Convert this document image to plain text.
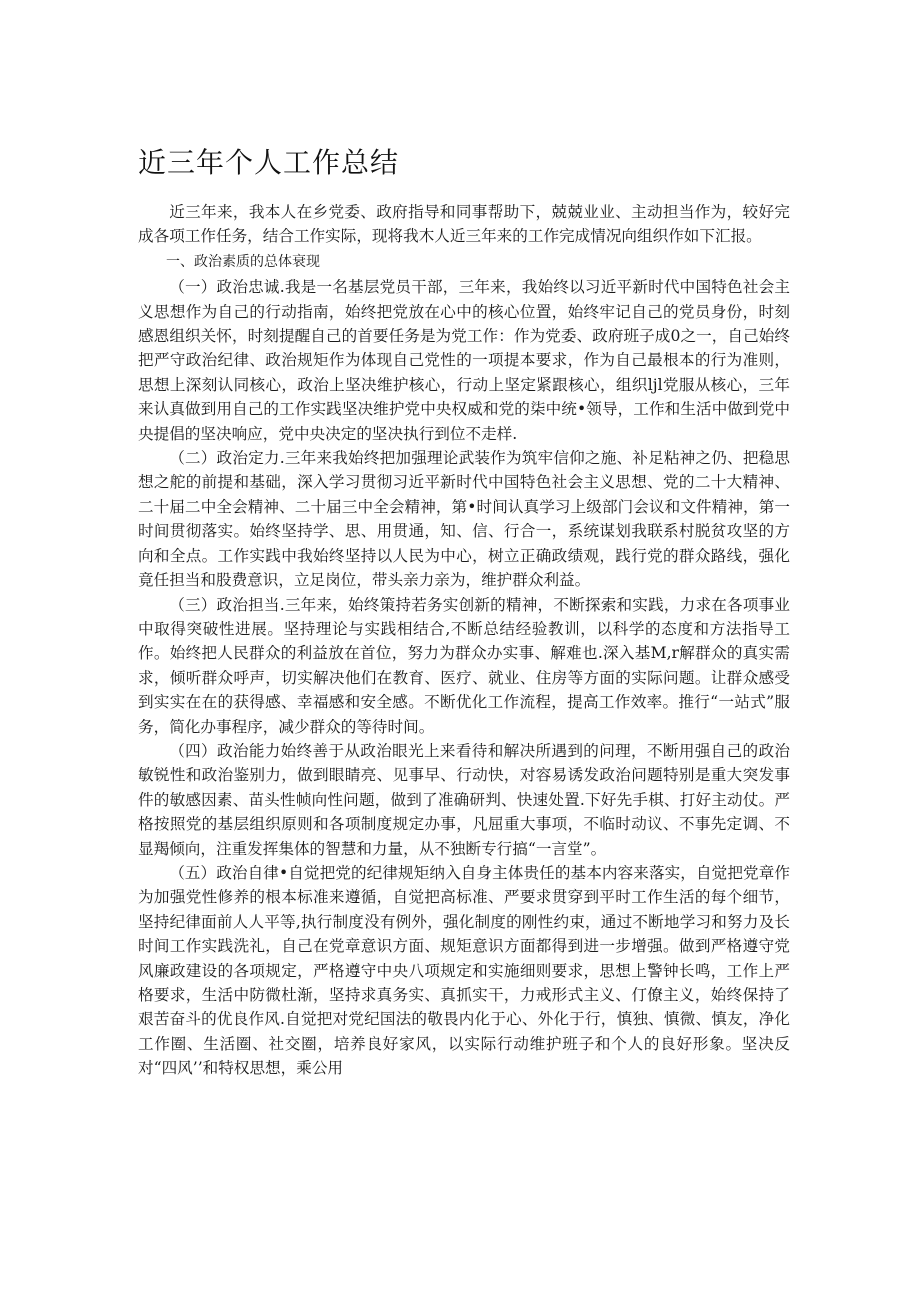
近三年个人工作总结

近三年来，我本人在乡党委、政府指导和同事帮助下，兢兢业业、主动担当作为，较好完成各项工作任务，结合工作实际，现将我木人近三年来的工作完成情况向组织作如下汇报。

一、政治素质的总体衰现

（一）政治忠诚.我是一名基层党员干部，三年来，我始终以习近平新时代中国特色社会主义思想作为自己的行动指南，始终把党放在心中的核心位置，始终牢记自己的党员身份，时刻感恩组织关怀，时刻提醒自己的首要任务是为党工作：作为党委、政府班子成0之一，自己始终把严守政治纪律、政治规矩作为体现自己党性的一项提本要求，作为自己最根本的行为准则，思想上深刻认同核心，政治上坚决维护核心，行动上坚定紧跟核心，组织ljl党服从核心，三年来认真做到用自己的工作实践坚决维护党中央权威和党的柒中统•领导，工作和生活中做到党中央提倡的坚决响应，党中央决定的坚决执行到位不走样.

（二）政治定力.三年来我始终把加强理论武装作为筑牢信仰之施、补足粘神之仍、把稳思想之舵的前提和基础，深入学习贯彻习近平新时代中国特色社会主义思想、党的二十大精神、二十届二中全会精神、二十届三中全会精神，第•时间认真学习上级部门会议和文件精神，第一时间贯彻落实。始终坚持学、思、用贯通，知、信、行合一，系统谋划我联系村脱贫攻坚的方向和全点。工作实践中我始终坚持以人民为中心，树立正确政绩观，践行党的群众路线，强化竟任担当和股费意识，立足岗位，带头亲力亲为，维护群众利益。

（三）政治担当.三年来，始终策持若务实创新的精神，不断探索和实践，力求在各项事业中取得突破性进展。坚持理论与实践相结合,不断总结经验教训，以科学的态度和方法指导工作。始终把人民群众的利益放在首位，努力为群众办实事、解难也.深入基M,r解群众的真实需求，倾听群众呼声，切实解决他们在教育、医疗、就业、住房等方面的实际问题。让群众感受到实实在在的获得感、幸福感和安全感。不断优化工作流程，提高工作效率。推行“一站式”服务，简化办事程序，减少群众的等待时间。

（四）政治能力始终善于从政治眼光上来看待和解决所遇到的问理，不断用强自己的政治敏锐性和政治鉴别力，做到眼睛亮、见事早、行动快，对容易诱发政治问题特别是重大突发事件的敏感因素、苗头性帧向性问题，做到了准确研判、快速处置.下好先手棋、打好主动仗。严格按照党的基层组织原则和各项制度规定办事，凡屈重大事项，不临时动议、不事先定调、不显羯倾向，注重发挥集体的智慧和力量，从不独断专行搞“一言堂”。

（五）政治自律•自觉把党的纪律规矩纳入自身主体贵任的基本内容来落实，自觉把党章作为加强党性修养的根本标准来遵循，自觉把高标准、严要求贯穿到平时工作生活的每个细节，坚持纪律面前人人平等,执行制度没有例外，强化制度的刚性约束，通过不断地学习和努力及长时间工作实践洗礼，自己在党章意识方面、规矩意识方面都得到进一步增强。做到严格遵守党风廉政建设的各项规定，严格遵守中央八项规定和实施细则要求，思想上警钟长鸣，工作上严格要求，生活中防微杜渐，坚持求真务实、真抓实干，力戒形式主义、仃僚主义，始终保持了艰苦奋斗的优良作风.自觉把对党纪国法的敬畏内化于心、外化于行，慎独、慎微、慎友，净化工作圈、生活圈、社交圈，培养良好家风，以实际行动维护班子和个人的良好形象。坚决反对“四风’’和特权思想，乘公用
